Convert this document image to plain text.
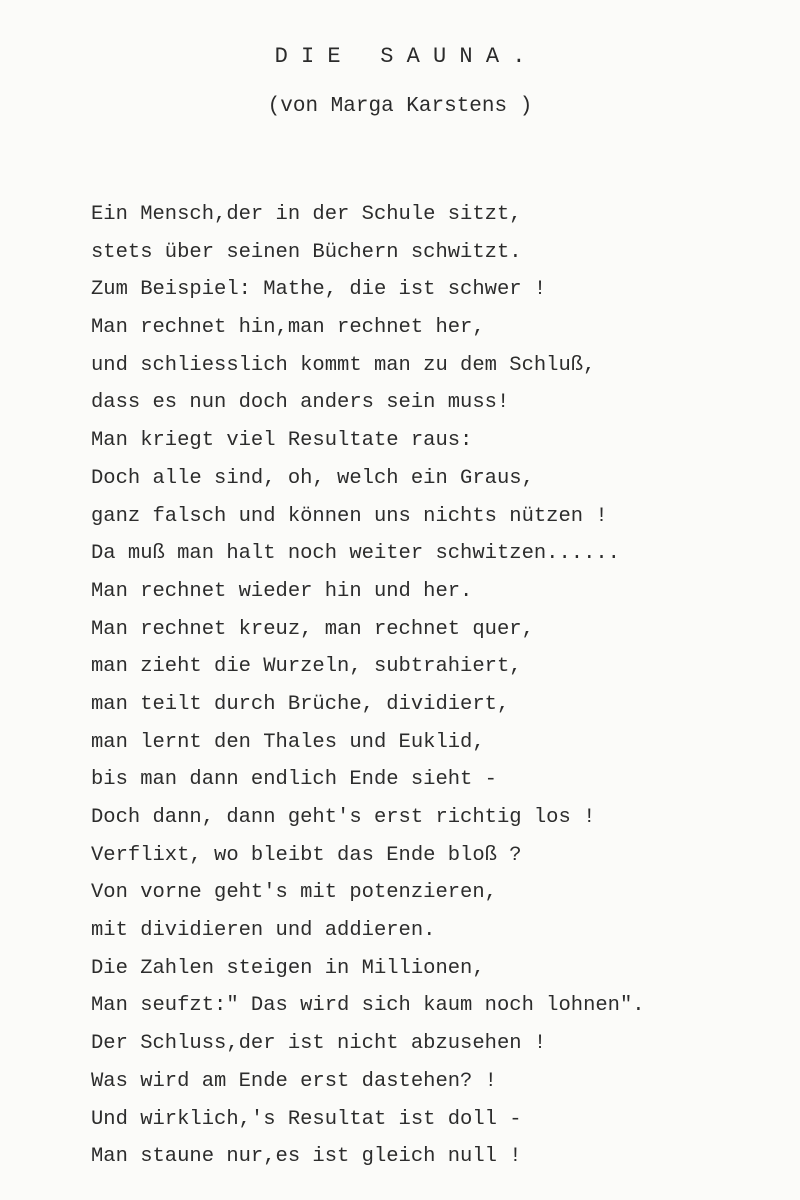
D I E   S A U N A .
(von Marga Karstens )
Ein Mensch,der in der Schule sitzt,
stets über seinen Büchern schwitzt.
Zum Beispiel: Mathe, die ist schwer !
Man rechnet hin,man rechnet her,
und schliesslich kommt man zu dem Schluß,
dass es nun doch anders sein muss!
Man kriegt viel Resultate raus:
Doch alle sind, oh, welch ein Graus,
ganz falsch und können uns nichts nützen !
Da muß man halt noch weiter schwitzen......
Man rechnet wieder hin und her.
Man rechnet kreuz, man rechnet quer,
man zieht die Wurzeln, subtrahiert,
man teilt durch Brüche, dividiert,
man lernt den Thales und Euklid,
bis man dann endlich Ende sieht -
Doch dann, dann geht's erst richtig los !
Verflixt, wo bleibt das Ende bloß ?
Von vorne geht's mit potenzieren,
mit dividieren und addieren.
Die Zahlen steigen in Millionen,
Man seufzt:" Das wird sich kaum noch lohnen".
Der Schluss,der ist nicht abzusehen !
Was wird am Ende erst dastehen? !
Und wirklich,'s Resultat ist doll -
Man staune nur,es ist gleich null !
